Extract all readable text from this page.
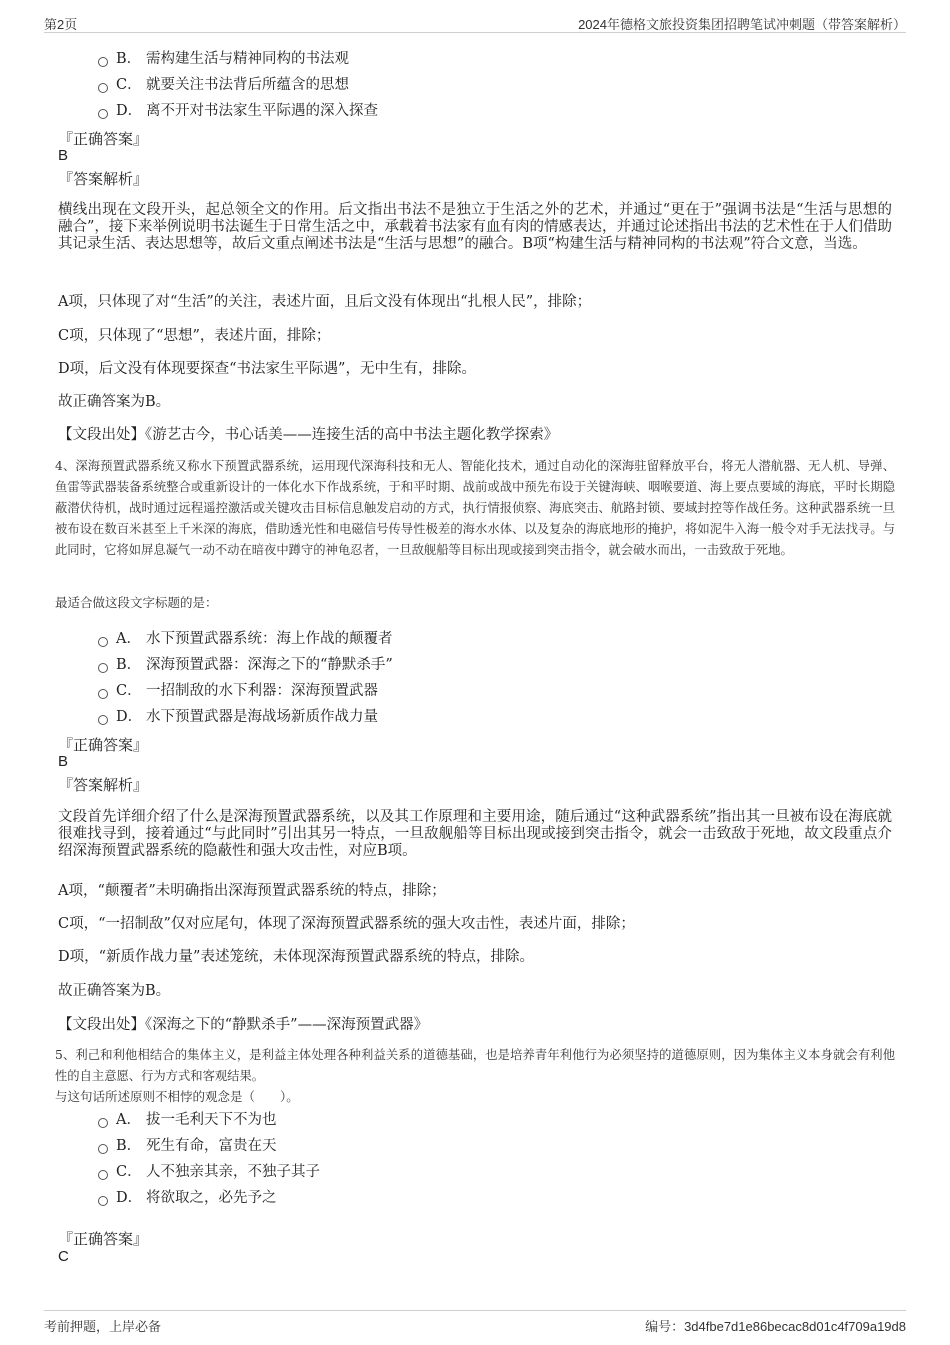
第2页	2024年德格文旅投资集团招聘笔试冲刺题（带答案解析）
B． 需构建生活与精神同构的书法观
C． 就要关注书法背后所蕴含的思想
D． 离不开对书法家生平际遇的深入探查
『正确答案』
B
『答案解析』
横线出现在文段开头，起总领全文的作用。后文指出书法不是独立于生活之外的艺术，并通过“更在于”强调书法是“生活与思想的融合”，接下来举例说明书法诞生于日常生活之中，承载着书法家有血有肉的情感表达，并通过论述指出书法的艺术性在于人们借助其记录生活、表达思想等，故后文重点阐述书法是“生活与思想”的融合。B项“构建生活与精神同构的书法观”符合文意，当选。
A项，只体现了对“生活”的关注，表述片面，且后文没有体现出“扎根人民”，排除；
C项，只体现了“思想”，表述片面，排除；
D项，后文没有体现要探查“书法家生平际遇”，无中生有，排除。
故正确答案为B。
【文段出处】《游艺古今，书心话美——连接生活的高中书法主题化教学探索》
4、深海预置武器系统又称水下预置武器系统，运用现代深海科技和无人、智能化技术，通过自动化的深海驻留释放平台，将无人潜航器、无人机、导弹、鱼雷等武器装备系统整合或重新设计的一体化水下作战系统，于和平时期、战前或战中预先布设于关键海峡、咽喉要道、海上要点要域的海底，平时长期隐蔽潜伏待机，战时通过远程遥控激活或关键攻击目标信息触发启动的方式，执行情报侦察、海底突击、航路封锁、要域封控等作战任务。这种武器系统一旦被布设在数百米甚至上千米深的海底，借助透光性和电磁信号传导性极差的海水水体、以及复杂的海底地形的掩护，将如泥牛入海一般令对手无法找寻。与此同时，它将如屏息凝气一动不动在暗夜中蹲守的神龟忍者，一旦敌舰船等目标出现或接到突击指令，就会破水而出，一击致敌于死地。
最适合做这段文字标题的是：
A． 水下预置武器系统：海上作战的颠覆者
B． 深海预置武器：深海之下的“静默杀手”
C． 一招制敌的水下利器：深海预置武器
D． 水下预置武器是海战场新质作战力量
『正确答案』
B
『答案解析』
文段首先详细介绍了什么是深海预置武器系统，以及其工作原理和主要用途，随后通过“这种武器系统”指出其一旦被布设在海底就很难找寻到，接着通过“与此同时”引出其另一特点，一旦敌舰船等目标出现或接到突击指令，就会一击致敌于死地，故文段重点介绍深海预置武器系统的隐蔽性和强大攻击性，对应B项。
A项，“颠覆者”未明确指出深海预置武器系统的特点，排除；
C项，“一招制敌”仅对应尾句，体现了深海预置武器系统的强大攻击性，表述片面，排除；
D项，“新质作战力量”表述笼统，未体现深海预置武器系统的特点，排除。
故正确答案为B。
【文段出处】《深海之下的“静默杀手”——深海预置武器》
5、利己和利他相结合的集体主义，是利益主体处理各种利益关系的道德基础，也是培养青年利他行为必须坚持的道德原则，因为集体主义本身就会有利他性的自主意愿、行为方式和客观结果。
与这句话所述原则不相悖的观念是（　　）。
A． 拔一毛利天下不为也
B． 死生有命，富贵在天
C． 人不独亲其亲，不独子其子
D． 将欲取之，必先予之
『正确答案』
C
考前押题，上岸必备	编号：3d4fbe7d1e86becac8d01c4f709a19d8
